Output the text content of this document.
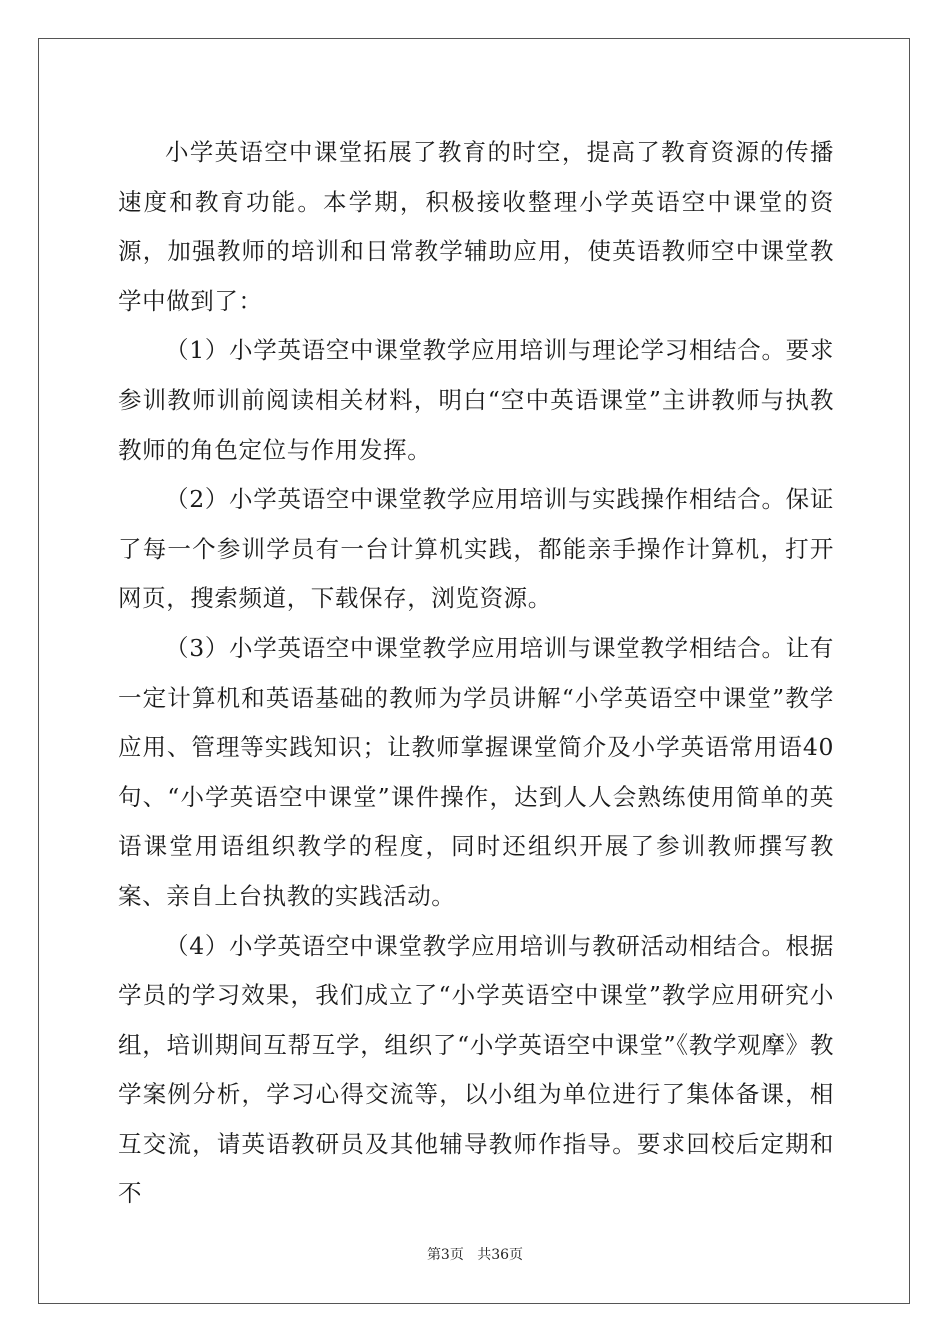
小学英语空中课堂拓展了教育的时空，提高了教育资源的传播速度和教育功能。本学期，积极接收整理小学英语空中课堂的资源，加强教师的培训和日常教学辅助应用，使英语教师空中课堂教学中做到了：

（1）小学英语空中课堂教学应用培训与理论学习相结合。要求参训教师训前阅读相关材料，明白“空中英语课堂”主讲教师与执教教师的角色定位与作用发挥。

（2）小学英语空中课堂教学应用培训与实践操作相结合。保证了每一个参训学员有一台计算机实践，都能亲手操作计算机，打开网页，搜索频道，下载保存，浏览资源。

（3）小学英语空中课堂教学应用培训与课堂教学相结合。让有一定计算机和英语基础的教师为学员讲解“小学英语空中课堂”教学应用、管理等实践知识；让教师掌握课堂简介及小学英语常用语40句、“小学英语空中课堂”课件操作，达到人人会熟练使用简单的英语课堂用语组织教学的程度，同时还组织开展了参训教师撰写教案、亲自上台执教的实践活动。

（4）小学英语空中课堂教学应用培训与教研活动相结合。根据学员的学习效果，我们成立了“小学英语空中课堂”教学应用研究小组，培训期间互帮互学，组织了“小学英语空中课堂”《教学观摩》教学案例分析，学习心得交流等，以小组为单位进行了集体备课，相互交流，请英语教研员及其他辅导教师作指导。要求回校后定期和不

第3页 共36页
